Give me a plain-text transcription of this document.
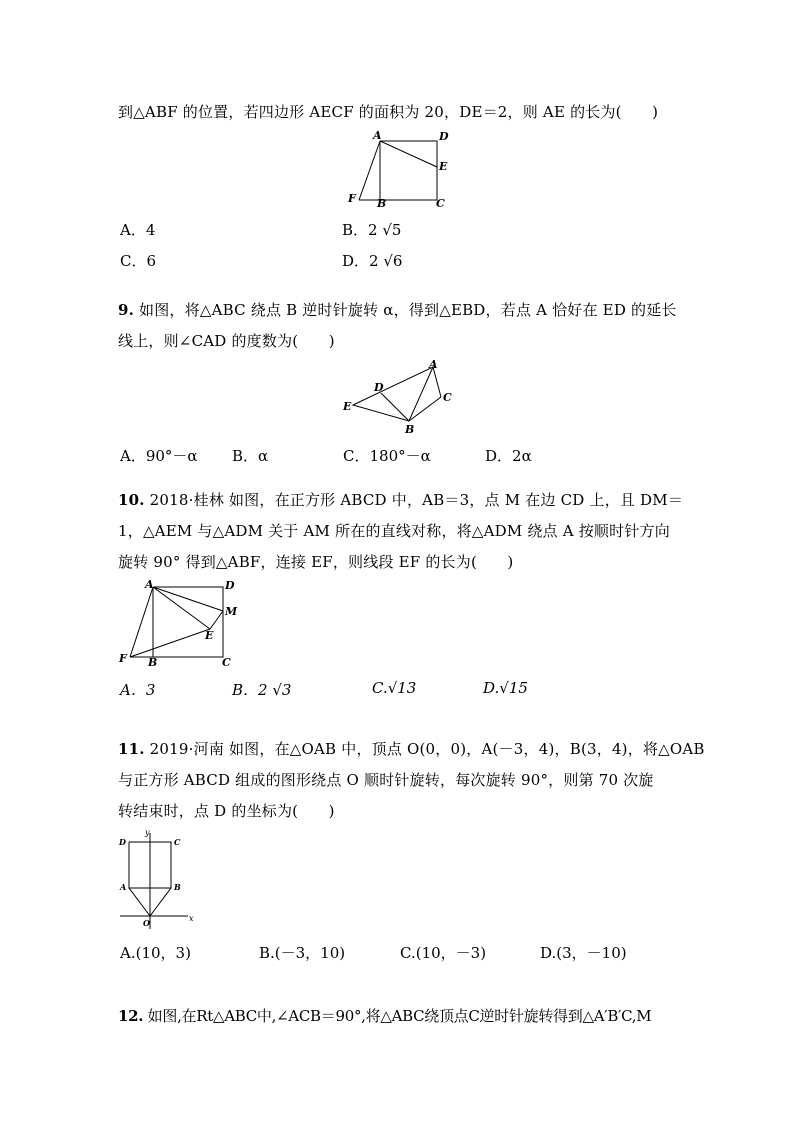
到△ABF 的位置，若四边形 AECF 的面积为 20，DE＝2，则 AE 的长为(　　)
A	D
E
F B	C
A．4	B．2 √5
C．6	D．2 √6
9. 如图，将△ABC 绕点 B 逆时针旋转 α，得到△EBD，若点 A 恰好在 ED 的延长
线上，则∠CAD 的度数为(　　)
A
D
E
C
B
A．90°－α B．α	C．180°－α	D．2α
10. 2018·桂林 如图，在正方形 ABCD 中，AB＝3，点 M 在边 CD 上，且 DM＝
1，△AEM 与△ADM 关于 AM 所在的直线对称，将△ADM 绕点 A 按顺时针方向
旋转 90° 得到△ABF，连接 EF，则线段 EF 的长为(　　)
A	D
M
E
F B	C
A．3	B．2 √3	C.√13	D.√15
11. 2019·河南 如图，在△OAB 中，顶点 O(0，0)，A(－3，4)，B(3，4)，将△OAB
与正方形 ABCD 组成的图形绕点 O 顺时针旋转，每次旋转 90°，则第 70 次旋
转结束时，点 D 的坐标为(　　)
y
x
D	C
A	B
O
A.(10，3)	B.(－3，10)	C.(10，－3)	D.(3，－10)
12. 如图,在Rt△ABC中,∠ACB＝90°,将△ABC绕顶点C逆时针旋转得到△A′B′C,M
